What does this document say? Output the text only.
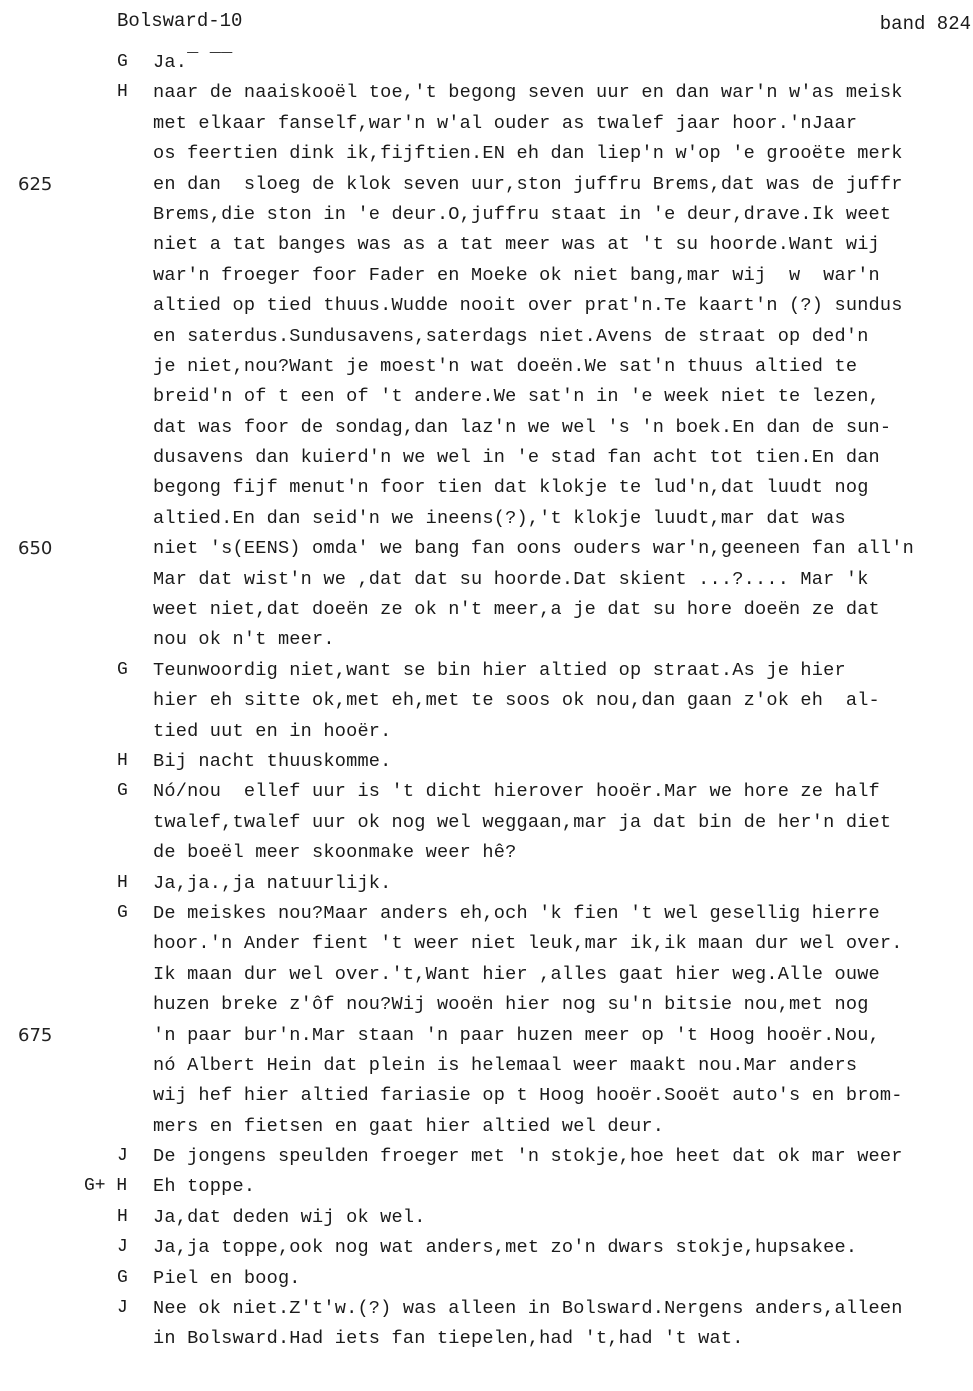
Bolsward-10	band 824
G Ja.¯ ¯¯
H naar de naaiskooël toe,'t begong seven uur en dan war'n w'as meisk
met elkaar fanself,war'n w'al ouder as twalef jaar hoor.'nJaar
os feertien dink ik,fijftien.EN eh dan liep'n w'op 'e grooëte merk
625	en dan  sloeg de klok seven uur,ston juffru Brems,dat was de juffr
Brems,die ston in 'e deur.O,juffru staat in 'e deur,drave.Ik weet
niet a tat banges was as a tat meer was at 't su hoorde.Want wij
war'n froeger foor Fader en Moeke ok niet bang,mar wij  w  war'n
altied op tied thuus.Wudde nooit over prat'n.Te kaart'n (?) sundus
en saterdus.Sundusavens,saterdags niet.Avens de straat op ded'n
je niet,nou?Want je moest'n wat doeën.We sat'n thuus altied te
breid'n of t een of 't andere.We sat'n in 'e week niet te lezen,
dat was foor de sondag,dan laz'n we wel 's 'n boek.En dan de sun-
dusavens dan kuierd'n we wel in 'e stad fan acht tot tien.En dan
begong fijf menut'n foor tien dat klokje te lud'n,dat luudt nog
altied.En dan seid'n we ineens(?),'t klokje luudt,mar dat was
650	niet 's(EENS) omda' we bang fan oons ouders war'n,geeneen fan all'n
Mar dat wist'n we ,dat dat su hoorde.Dat skient ...?.... Mar 'k
weet niet,dat doeën ze ok n't meer,a je dat su hore doeën ze dat
nou ok n't meer.
G Teunwoordig niet,want se bin hier altied op straat.As je hier
hier eh sitte ok,met eh,met te soos ok nou,dan gaan z'ok eh  al-
tied uut en in hooër.
H Bij nacht thuuskomme.
G Nó/nou  ellef uur is 't dicht hierover hooër.Mar we hore ze half
twalef,twalef uur ok nog wel weggaan,mar ja dat bin de her'n diet
de boeël meer skoonmake weer hê?
H Ja,ja.,ja natuurlijk.
G De meiskes nou?Maar anders eh,och 'k fien 't wel gesellig hierre
hoor.'n Ander fient 't weer niet leuk,mar ik,ik maan dur wel over.
Ik maan dur wel over.'t,Want hier ,alles gaat hier weg.Alle ouwe
huzen breke z'ôf nou?Wij wooën hier nog su'n bitsie nou,met nog
675	'n paar bur'n.Mar staan 'n paar huzen meer op 't Hoog hooër.Nou,
nó Albert Hein dat plein is helemaal weer maakt nou.Mar anders
wij hef hier altied fariasie op t Hoog hooër.Sooët auto's en brom-
mers en fietsen en gaat hier altied wel deur.
J De jongens speulden froeger met 'n stokje,hoe heet dat ok mar weer
G+ H Eh toppe.
H Ja,dat deden wij ok wel.
J Ja,ja toppe,ook nog wat anders,met zo'n dwars stokje,hupsakee.
G Piel en boog.
J Nee ok niet.Z't'w.(?) was alleen in Bolsward.Nergens anders,alleen
in Bolsward.Had iets fan tiepelen,had 't,had 't wat.
